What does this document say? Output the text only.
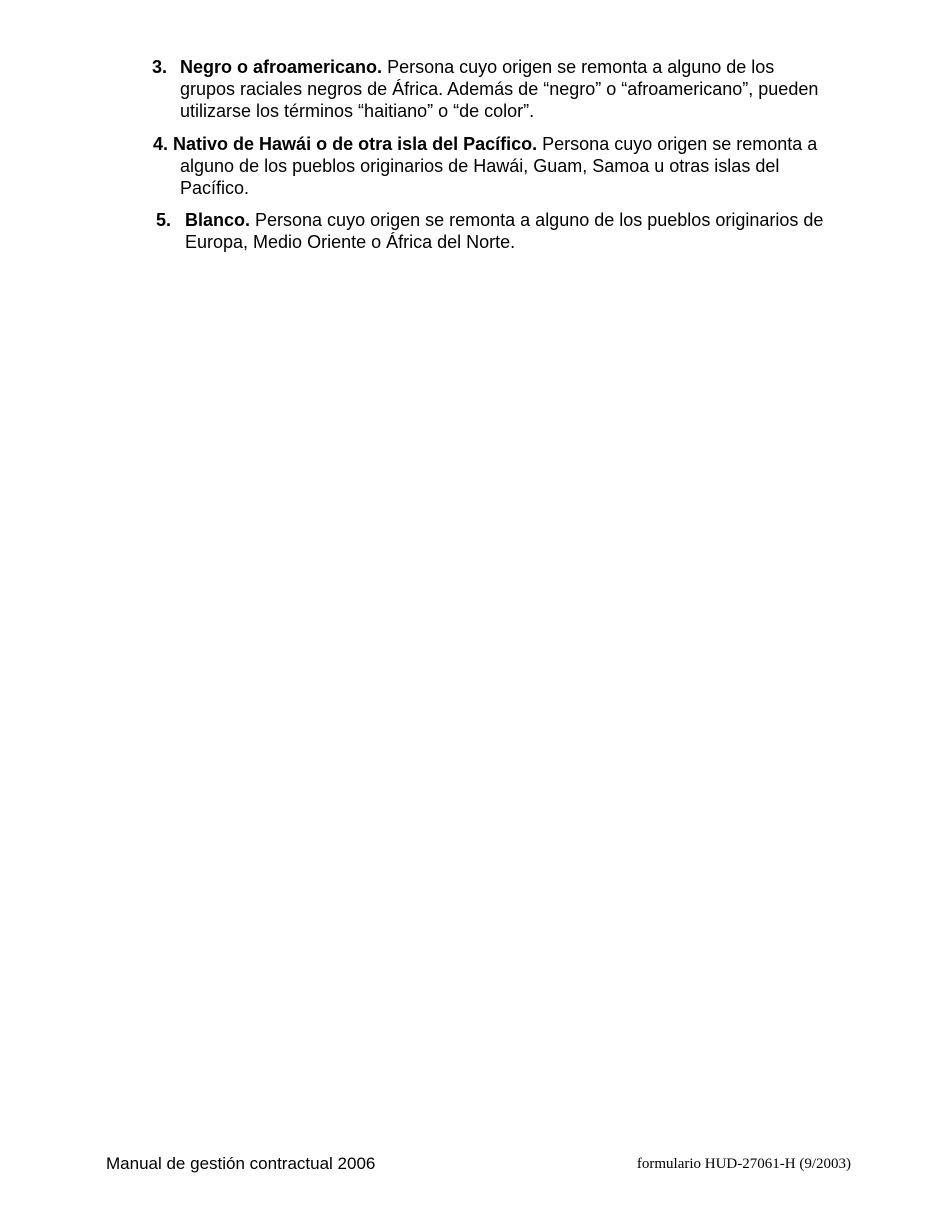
3. Negro o afroamericano. Persona cuyo origen se remonta a alguno de los
grupos raciales negros de África. Además de “negro” o “afroamericano”, pueden
utilizarse los términos “haitiano” o “de color”.
4. Nativo de Hawái o de otra isla del Pacífico. Persona cuyo origen se remonta a
alguno de los pueblos originarios de Hawái, Guam, Samoa u otras islas del
Pacífico.
5. Blanco. Persona cuyo origen se remonta a alguno de los pueblos originarios de
Europa, Medio Oriente o África del Norte.
Manual de gestión contractual 2006	formulario HUD-27061-H (9/2003)
